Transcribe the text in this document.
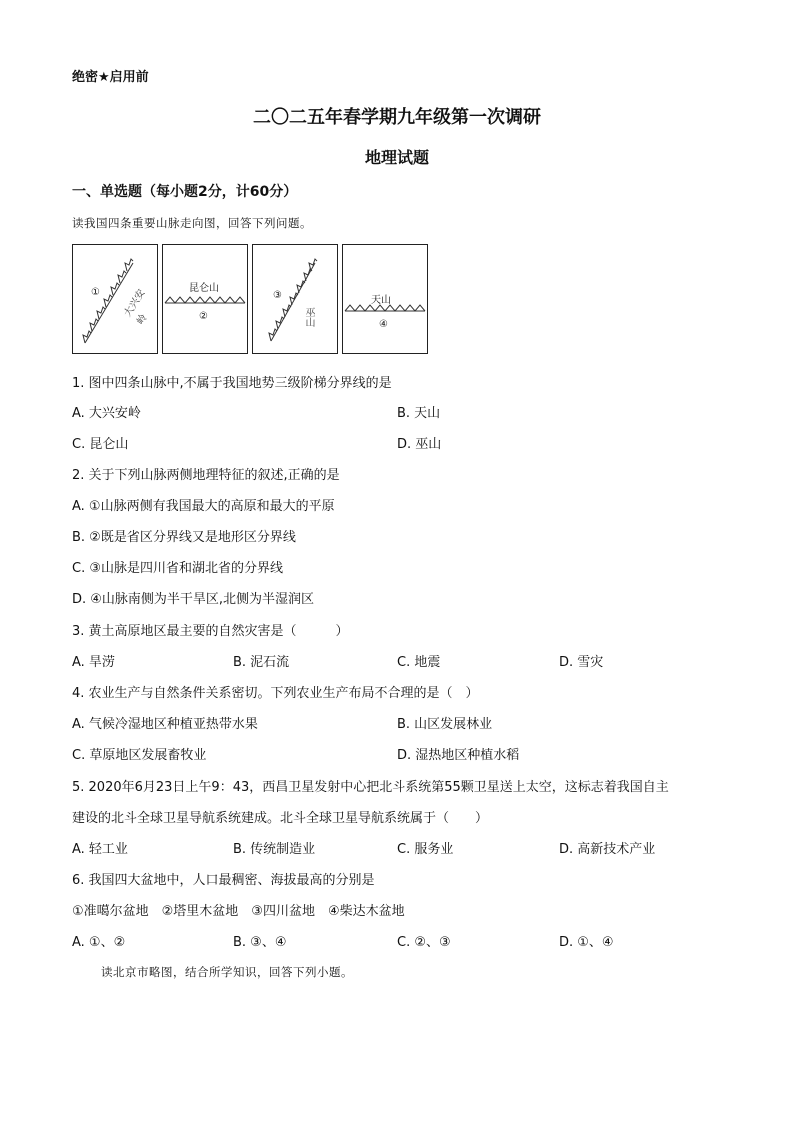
绝密★启用前
二〇二五年春学期九年级第一次调研
地理试题
一、单选题（每小题2分，计60分）
读我国四条重要山脉走向图，回答下列问题。
①	大兴安岭
昆仑山
②
③
巫山
天山
④
1. 图中四条山脉中,不属于我国地势三级阶梯分界线的是
A. 大兴安岭	B. 天山
C. 昆仑山	D. 巫山
2. 关于下列山脉两侧地理特征的叙述,正确的是
A. ①山脉两侧有我国最大的高原和最大的平原
B. ②既是省区分界线又是地形区分界线
C. ③山脉是四川省和湖北省的分界线
D. ④山脉南侧为半干旱区,北侧为半湿润区
3. 黄土高原地区最主要的自然灾害是（　　　）
A. 旱涝	B. 泥石流	C. 地震	D. 雪灾
4. 农业生产与自然条件关系密切。下列农业生产布局不合理的是（　）
A. 气候冷湿地区种植亚热带水果	B. 山区发展林业
C. 草原地区发展畜牧业	D. 湿热地区种植水稻
5. 2020年6月23日上午9：43，西昌卫星发射中心把北斗系统第55颗卫星送上太空，这标志着我国自主
建设的北斗全球卫星导航系统建成。北斗全球卫星导航系统属于（　　）
A. 轻工业	B. 传统制造业	C. 服务业	D. 高新技术产业
6. 我国四大盆地中，人口最稠密、海拔最高的分别是
①准噶尔盆地　②塔里木盆地　③四川盆地　④柴达木盆地
A. ①、②	B. ③、④	C. ②、③	D. ①、④
读北京市略图，结合所学知识，回答下列小题。
